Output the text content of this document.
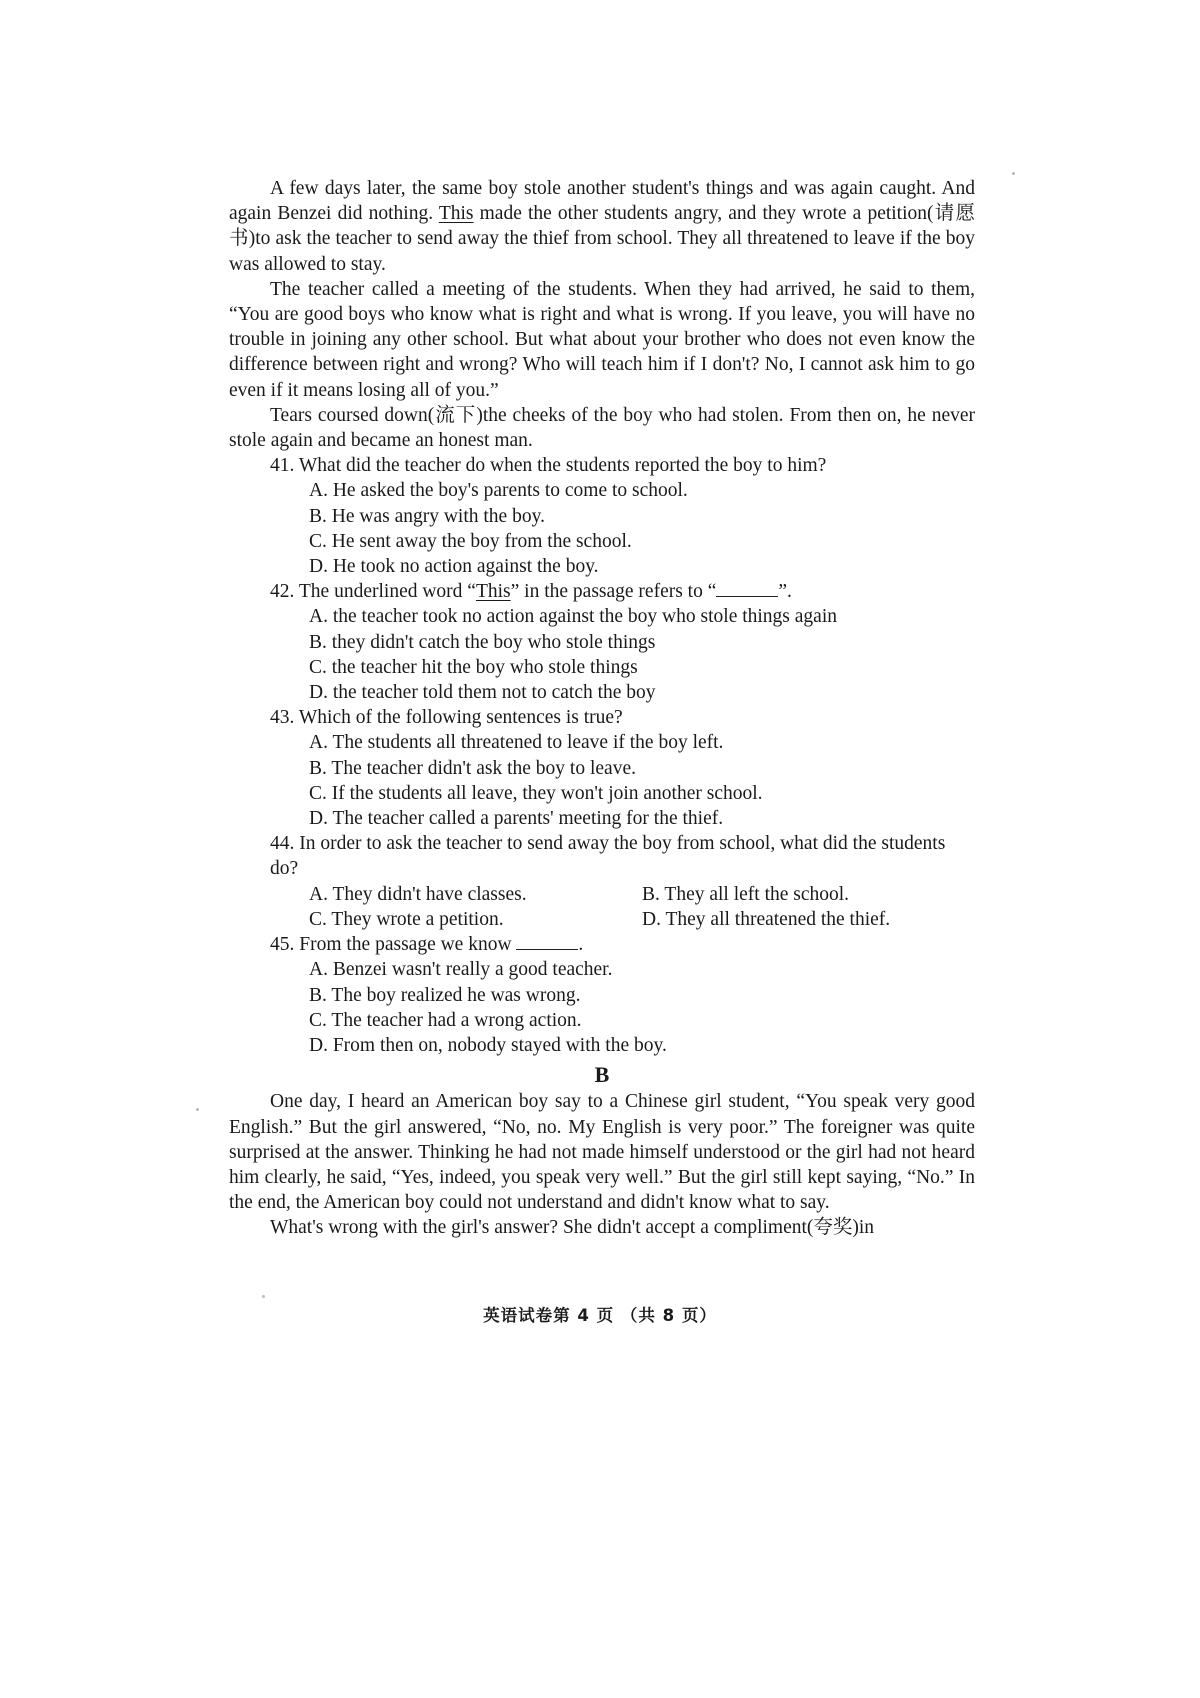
A few days later, the same boy stole another student's things and was again caught. And again Benzei did nothing. This made the other students angry, and they wrote a petition(请愿书)to ask the teacher to send away the thief from school. They all threatened to leave if the boy was allowed to stay.

The teacher called a meeting of the students. When they had arrived, he said to them, “You are good boys who know what is right and what is wrong. If you leave, you will have no trouble in joining any other school. But what about your brother who does not even know the difference between right and wrong? Who will teach him if I don't? No, I cannot ask him to go even if it means losing all of you.”

Tears coursed down(流下)the cheeks of the boy who had stolen. From then on, he never stole again and became an honest man.

41. What did the teacher do when the students reported the boy to him?

A. He asked the boy's parents to come to school.

B. He was angry with the boy.

C. He sent away the boy from the school.

D. He took no action against the boy.

42. The underlined word “This” in the passage refers to “	”.

A. the teacher took no action against the boy who stole things again

B. they didn't catch the boy who stole things

C. the teacher hit the boy who stole things

D. the teacher told them not to catch the boy

43. Which of the following sentences is true?

A. The students all threatened to leave if the boy left.

B. The teacher didn't ask the boy to leave.

C. If the students all leave, they won't join another school.

D. The teacher called a parents' meeting for the thief.

44. In order to ask the teacher to send away the boy from school, what did the students do?

A. They didn't have classes.	B. They all left the school.
C. They wrote a petition.	D. They all threatened the thief.

45. From the passage we know	.

A. Benzei wasn't really a good teacher.

B. The boy realized he was wrong.

C. The teacher had a wrong action.

D. From then on, nobody stayed with the boy.

B

One day, I heard an American boy say to a Chinese girl student, “You speak very good English.” But the girl answered, “No, no. My English is very poor.” The foreigner was quite surprised at the answer. Thinking he had not made himself understood or the girl had not heard him clearly, he said, “Yes, indeed, you speak very well.” But the girl still kept saying, “No.” In the end, the American boy could not understand and didn't know what to say.

What's wrong with the girl's answer? She didn't accept a compliment(夸奖)in

英语试卷第 4 页 （共 8 页）
